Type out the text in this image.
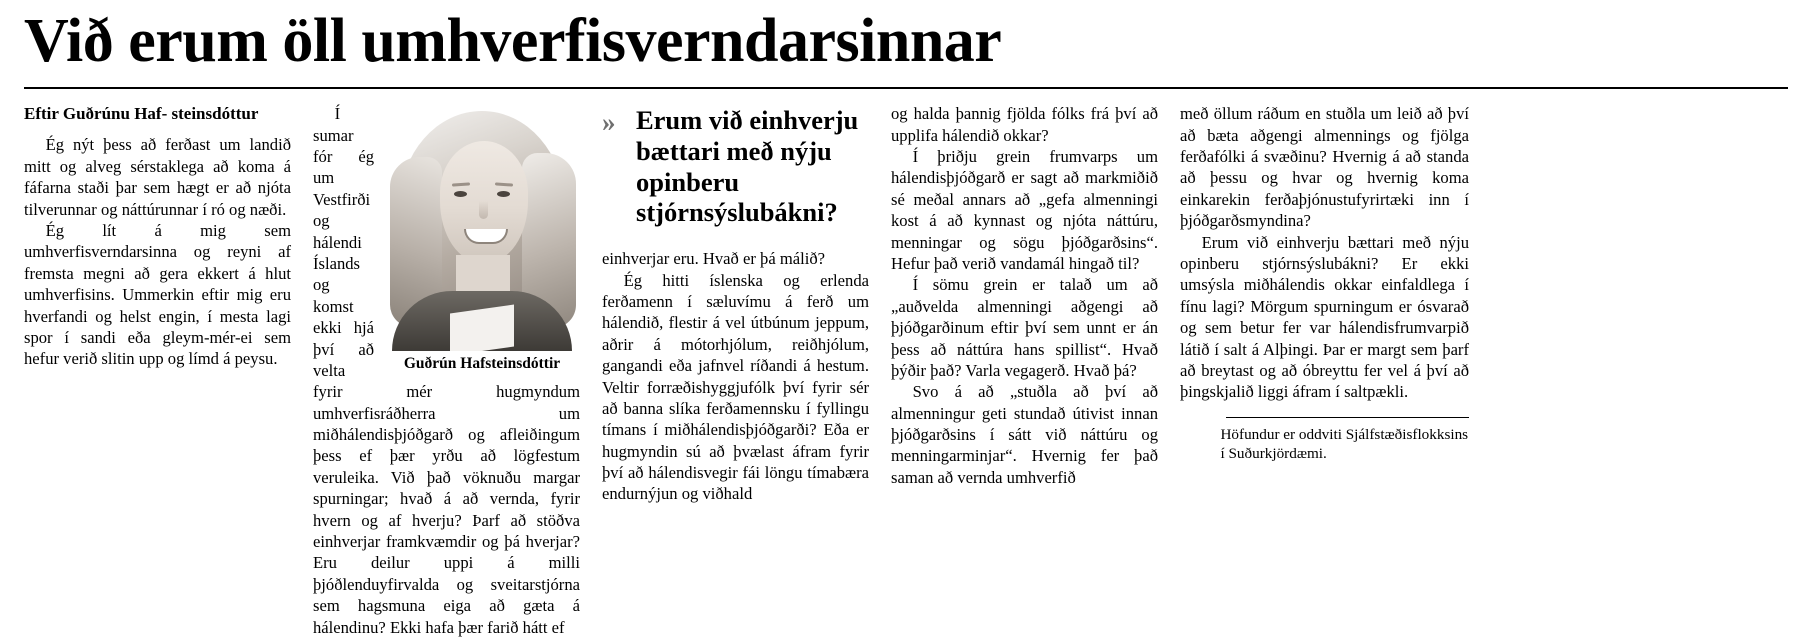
Við erum öll umhverfisverndarsinnar
Eftir Guðrúnu Haf- steinsdóttur

Ég nýt þess að ferðast um landið mitt og alveg sérstaklega að koma á fáfarna staði þar sem hægt er að njóta tilverunnar og náttúrunnar í ró og næði.

Ég lít á mig sem umhverfisverndarsinna og reyni af fremsta megni að gera ekkert á hlut umhverfisins. Ummerkin eftir mig eru hverfandi og helst engin, í mesta lagi spor í sandi eða gleym-mér-ei sem hefur verið slitin upp og límd á peysu.	Guðrún Hafsteinsdóttir

Í sumar fór ég um Vestfirði og hálendi Íslands og komst ekki hjá því að velta fyrir mér hugmyndum umhverfisráðherra um miðhálendisþjóðgarð og afleiðingum þess ef þær yrðu að lögfestum veruleika. Við það vöknuðu margar spurningar; hvað á að vernda, fyrir hvern og af hverju? Þarf að stöðva einhverjar framkvæmdir og þá hverjar? Eru deilur uppi á milli þjóðlenduyfirvalda og sveitarstjórna sem hagsmuna eiga að gæta á hálendinu? Ekki hafa þær farið hátt ef

» Erum við einhverju bættari með nýju opinberu stjórnsýslubákni?

einhverjar eru. Hvað er þá málið?

Ég hitti íslenska og erlenda ferðamenn í sæluvímu á ferð um hálendið, flestir á vel útbúnum jeppum, aðrir á mótorhjólum, reiðhjólum, gangandi eða jafnvel ríðandi á hestum. Veltir forræðishyggjufólk því fyrir sér að banna slíka ferðamennsku í fyllingu tímans í miðhálendisþjóðgarði? Eða er hugmyndin sú að þvælast áfram fyrir því að hálendisvegir fái löngu tímabæra endurnýjun og viðhald

og halda þannig fjölda fólks frá því að upplifa hálendið okkar?

Í þriðju grein frumvarps um hálendisþjóðgarð er sagt að markmiðið sé meðal annars að „gefa almenningi kost á að kynnast og njóta náttúru, menningar og sögu þjóðgarðsins“. Hefur það verið vandamál hingað til?

Í sömu grein er talað um að „auðvelda almenningi aðgengi að þjóðgarðinum eftir því sem unnt er án þess að náttúra hans spillist“. Hvað þýðir það? Varla vegagerð. Hvað þá?

Svo á að „stuðla að því að almenningur geti stundað útivist innan þjóðgarðsins í sátt við náttúru og menningarminjar“. Hvernig fer það saman að vernda umhverfið

með öllum ráðum en stuðla um leið að því að bæta aðgengi almennings og fjölga ferðafólki á svæðinu? Hvernig á að standa að þessu og hvar og hvernig koma einkarekin ferðaþjónustufyrirtæki inn í þjóðgarðsmyndina?

Erum við einhverju bættari með nýju opinberu stjórnsýslubákni? Er ekki umsýsla miðhálendis okkar einfaldlega í fínu lagi? Mörgum spurningum er ósvarað og sem betur fer var hálendisfrumvarpið látið í salt á Alþingi. Þar er margt sem þarf að breytast og að óbreyttu fer vel á því að þingskjalið liggi áfram í saltpækli.

Höfundur er oddviti Sjálfstæðisflokksins í Suðurkjördæmi.
